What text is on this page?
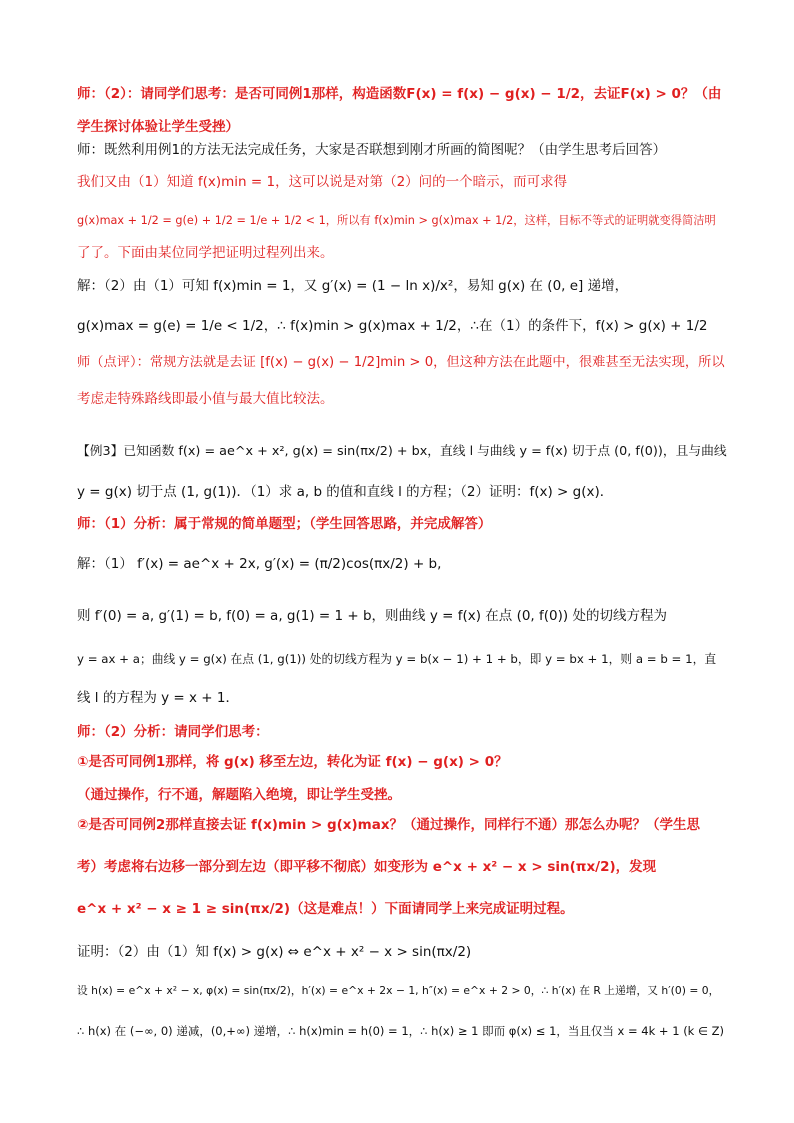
师：（2）：请同学们思考：是否可同例1那样，构造函数F(x) = f(x) − g(x) − 1/2，去证F(x) > 0？（由
学生探讨体验让学生受挫）
师：既然利用例1的方法无法完成任务，大家是否联想到刚才所画的简图呢？（由学生思考后回答）
我们又由（1）知道 f(x)min = 1，这可以说是对第（2）问的一个暗示，而可求得
g(x)max + 1/2 = g(e) + 1/2 = 1/e + 1/2 < 1，所以有 f(x)min > g(x)max + 1/2，这样，目标不等式的证明就变得简洁明
了了。下面由某位同学把证明过程列出来。
解：（2）由（1）可知 f(x)min = 1，又 g′(x) = (1 − ln x)/x²，易知 g(x) 在 (0, e] 递增，
g(x)max = g(e) = 1/e < 1/2，∴ f(x)min > g(x)max + 1/2，∴在（1）的条件下，f(x) > g(x) + 1/2
师（点评）：常规方法就是去证 [f(x) − g(x) − 1/2]min > 0，但这种方法在此题中，很难甚至无法实现，所以
考虑走特殊路线即最小值与最大值比较法。
【例3】已知函数 f(x) = ae^x + x², g(x) = sin(πx/2) + bx，直线 l 与曲线 y = f(x) 切于点 (0, f(0))，且与曲线
y = g(x) 切于点 (1, g(1))．（1）求 a, b 的值和直线 l 的方程；（2）证明：f(x) > g(x)．
师：（1）分析：属于常规的简单题型；（学生回答思路，并完成解答）
解：（1） f′(x) = ae^x + 2x, g′(x) = (π/2)cos(πx/2) + b,
则 f′(0) = a, g′(1) = b, f(0) = a, g(1) = 1 + b，则曲线 y = f(x) 在点 (0, f(0)) 处的切线方程为
y = ax + a；曲线 y = g(x) 在点 (1, g(1)) 处的切线方程为 y = b(x − 1) + 1 + b，即 y = bx + 1，则 a = b = 1，直
线 l 的方程为 y = x + 1．
师：（2）分析：请同学们思考：
①是否可同例1那样，将 g(x) 移至左边，转化为证 f(x) − g(x) > 0？
（通过操作，行不通，解题陷入绝境，即让学生受挫。
②是否可同例2那样直接去证 f(x)min > g(x)max？（通过操作，同样行不通）那怎么办呢？（学生思
考）考虑将右边移一部分到左边（即平移不彻底）如变形为 e^x + x² − x > sin(πx/2)，发现
e^x + x² − x ≥ 1 ≥ sin(πx/2)（这是难点！）下面请同学上来完成证明过程。
证明：（2）由（1）知 f(x) > g(x) ⇔ e^x + x² − x > sin(πx/2)
设 h(x) = e^x + x² − x, φ(x) = sin(πx/2)，h′(x) = e^x + 2x − 1, h″(x) = e^x + 2 > 0，∴ h′(x) 在 R 上递增，又 h′(0) = 0，
∴ h(x) 在 (−∞, 0) 递减，(0,+∞) 递增，∴ h(x)min = h(0) = 1，∴ h(x) ≥ 1 即而 φ(x) ≤ 1，当且仅当 x = 4k + 1 (k ∈ Z)
